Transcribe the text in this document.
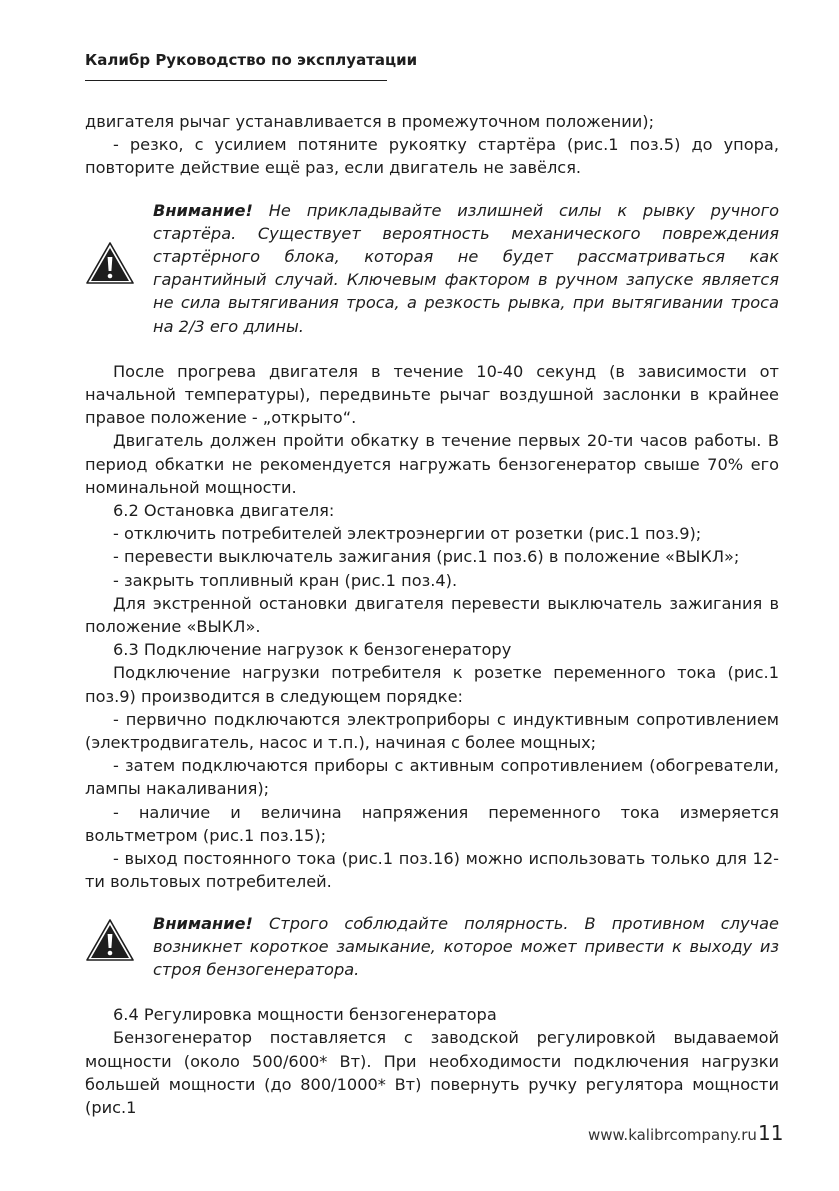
Калибр Руководство по эксплуатации

двигателя рычаг устанавливается в промежуточном положении);

- резко, с усилием потяните рукоятку стартёра (рис.1 поз.5) до упора, повторите действие ещё раз, если двигатель не завёлся.

Внимание! Не прикладывайте излишней силы к рывку ручного стартёра. Существует вероятность механического повреждения стартёрного блока, которая не будет рассматриваться как гарантийный случай. Ключевым фактором в ручном запуске является не сила вытягивания троса, а резкость рывка, при вытягивании троса на 2/3 его длины.

После прогрева двигателя в течение 10-40 секунд (в зависимости от начальной температуры), передвиньте рычаг воздушной заслонки в крайнее правое положение - „открыто“.

Двигатель должен пройти обкатку в течение первых 20-ти часов работы. В период обкатки не рекомендуется нагружать бензогенератор свыше 70% его номинальной мощности.

6.2 Остановка двигателя:

- отключить потребителей электроэнергии от розетки (рис.1 поз.9);

- перевести выключатель зажигания (рис.1 поз.6) в положение «ВЫКЛ»;

- закрыть топливный кран (рис.1 поз.4).

Для экстренной остановки двигателя перевести выключатель зажигания в положение «ВЫКЛ».

6.3 Подключение нагрузок к бензогенератору

Подключение нагрузки потребителя к розетке переменного тока (рис.1 поз.9) производится в следующем порядке:

- первично подключаются электроприборы с индуктивным сопротивлением (электродвигатель, насос и т.п.), начиная с более мощных;

- затем подключаются приборы с активным сопротивлением (обогреватели, лампы накаливания);

- наличие и величина напряжения переменного тока измеряется вольтметром (рис.1 поз.15);

- выход постоянного тока (рис.1 поз.16) можно использовать только для 12-ти вольтовых потребителей.

Внимание! Строго соблюдайте полярность. В противном случае возникнет короткое замыкание, которое может привести к выходу из строя бензогенератора.

6.4 Регулировка мощности бензогенератора

Бензогенератор поставляется с заводской регулировкой выдаваемой мощности (около 500/600* Вт). При необходимости подключения нагрузки большей мощности (до 800/1000* Вт) повернуть ручку регулятора мощности (рис.1

www.kalibrcompany.ru 11
